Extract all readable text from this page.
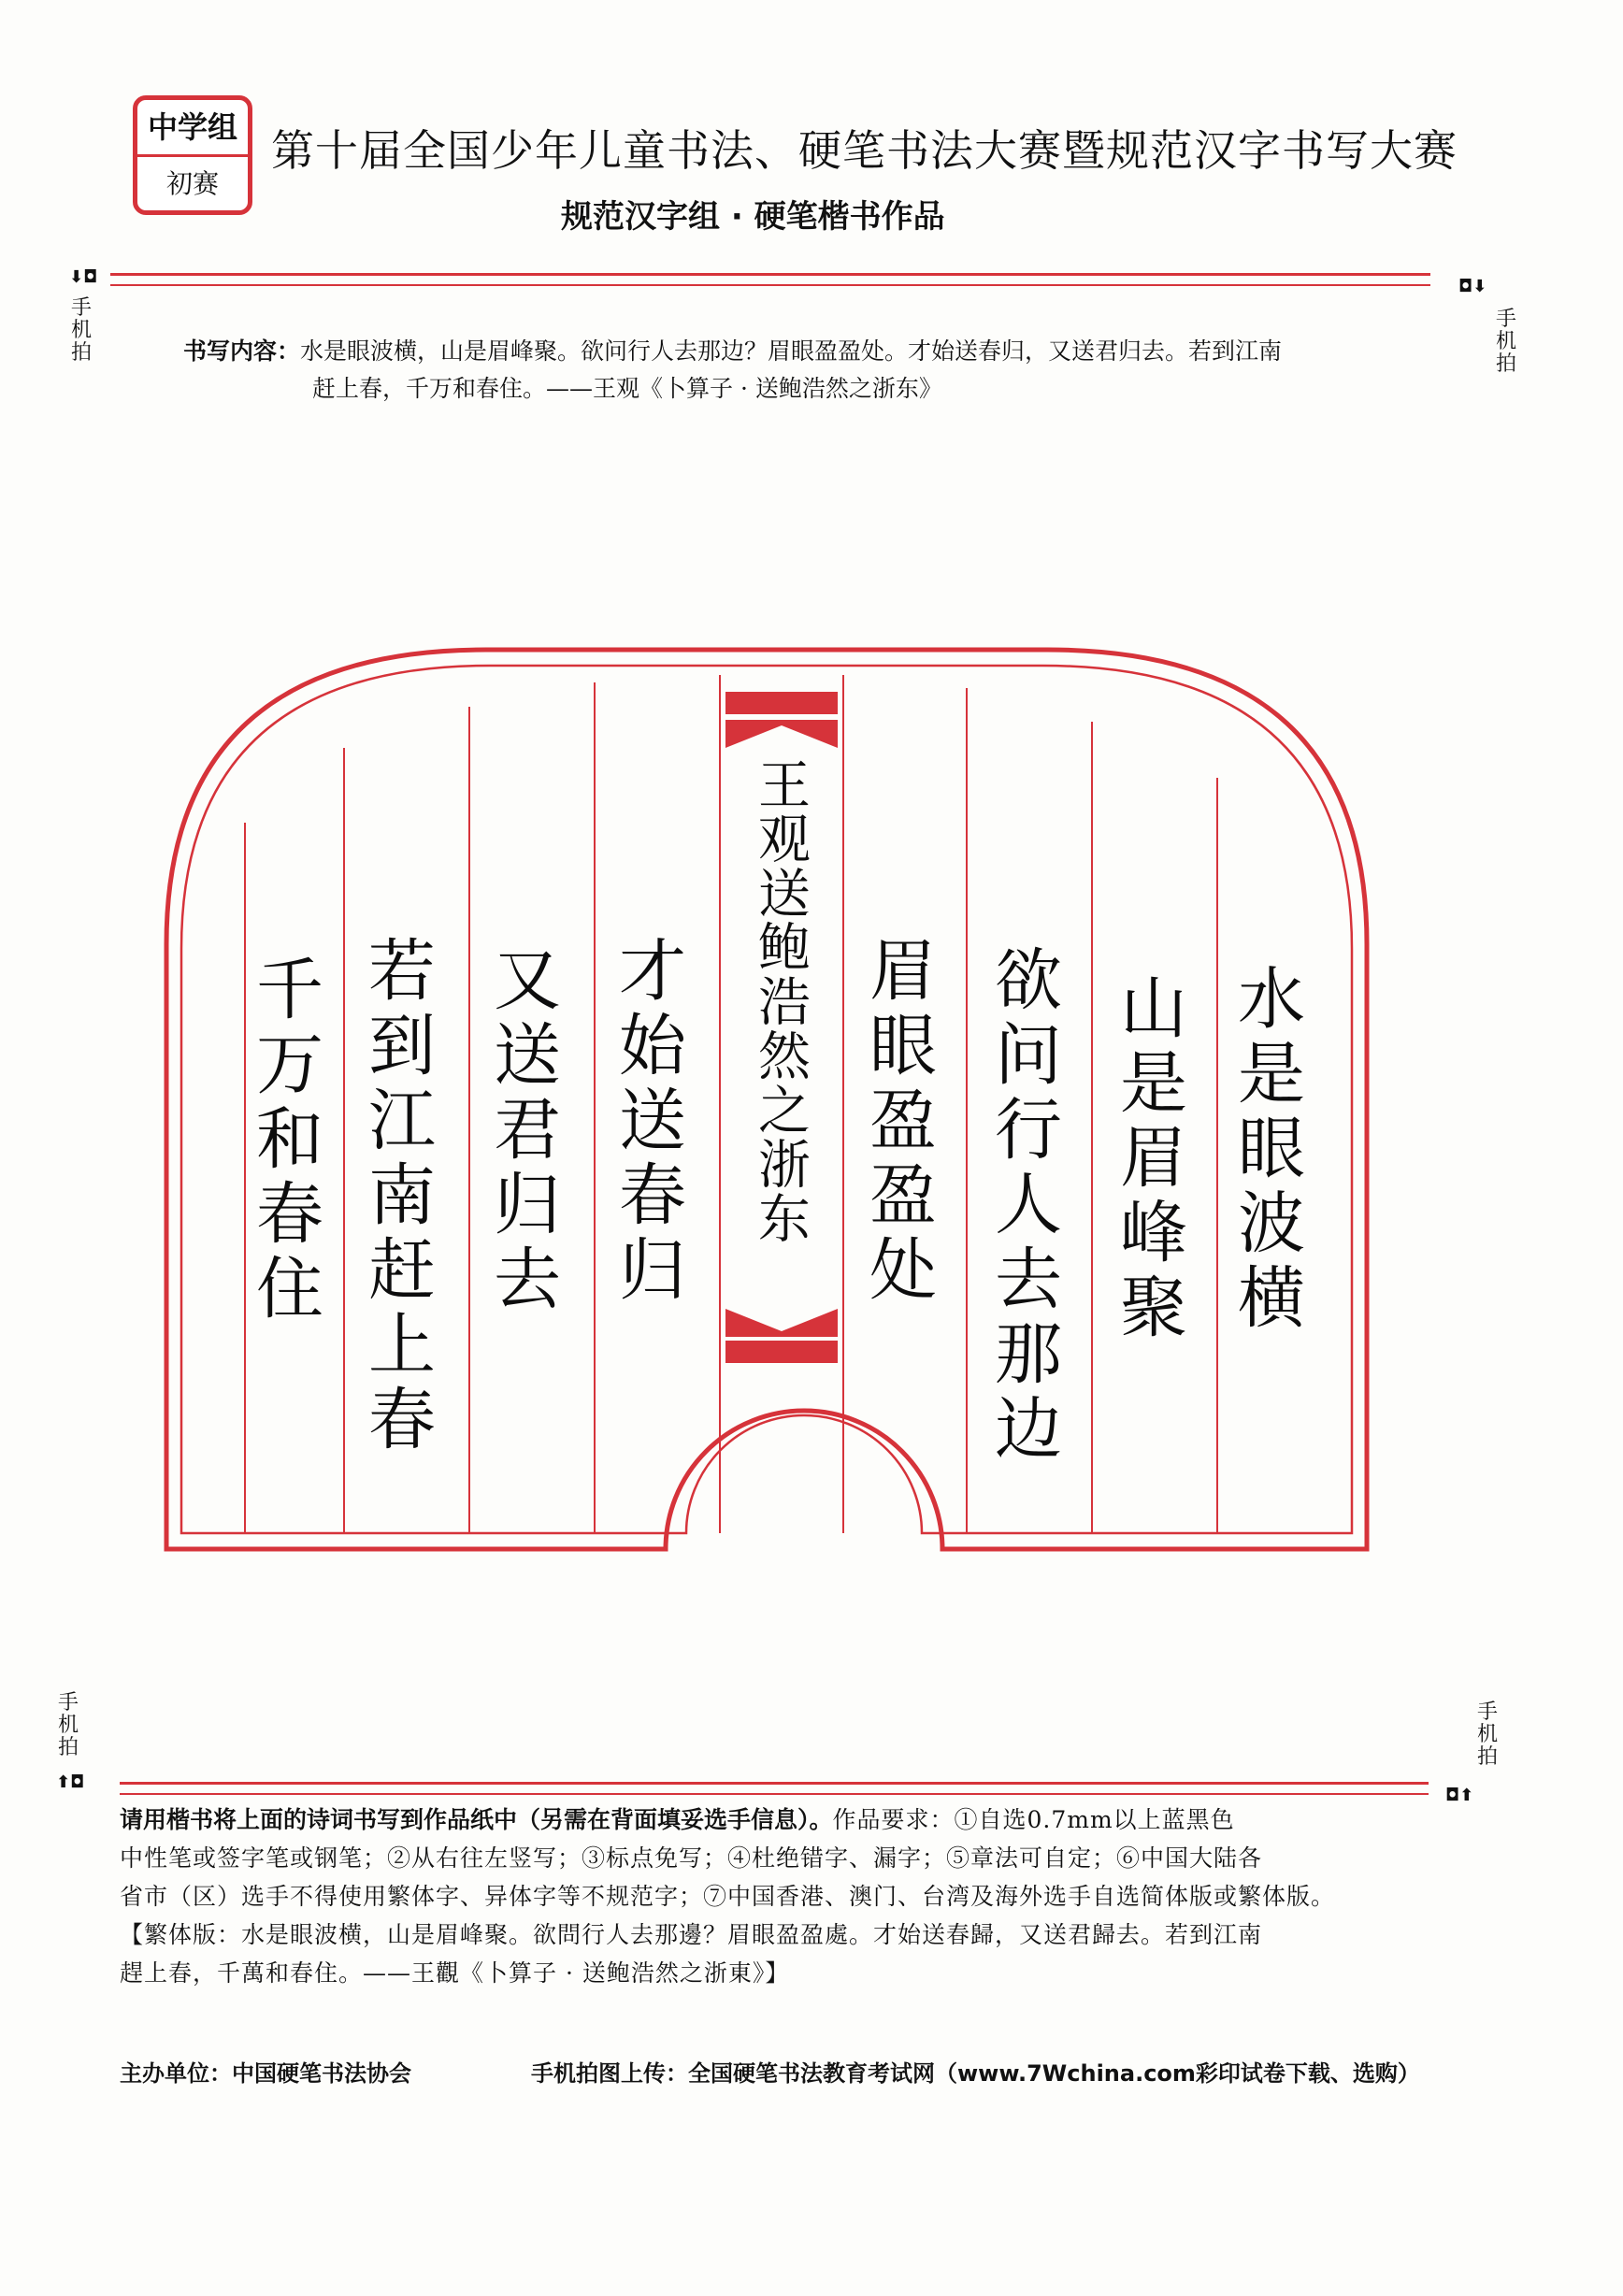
中学组
初赛
第十届全国少年儿童书法、硬笔书法大赛暨规范汉字书写大赛
规范汉字组 · 硬笔楷书作品
⬇◘
手机拍
◘⬇
手机拍
书写内容：水是眼波横，山是眉峰聚。欲问行人去那边？眉眼盈盈处。才始送春归，又送君归去。若到江南
赶上春，千万和春住。——王观《卜算子 · 送鲍浩然之浙东》
水是眼波横
山是眉峰聚
欲问行人去那边
眉眼盈盈处
王观送鲍浩然之浙东
才始送春归
又送君归去
若到江南赶上春
千万和春住
手机拍
⬆◘
手机拍
◘⬆
请用楷书将上面的诗词书写到作品纸中（另需在背面填妥选手信息）。作品要求：①自选0.7mm以上蓝黑色
中性笔或签字笔或钢笔；②从右往左竖写；③标点免写；④杜绝错字、漏字；⑤章法可自定；⑥中国大陆各
省市（区）选手不得使用繁体字、异体字等不规范字；⑦中国香港、澳门、台湾及海外选手自选简体版或繁体版。
【繁体版：水是眼波横，山是眉峰聚。欲問行人去那邊？眉眼盈盈處。才始送春歸，又送君歸去。若到江南
趕上春，千萬和春住。——王觀《卜算子 · 送鲍浩然之浙東》】
主办单位：中国硬笔书法协会	手机拍图上传：全国硬笔书法教育考试网（www.7Wchina.com彩印试卷下载、选购）
